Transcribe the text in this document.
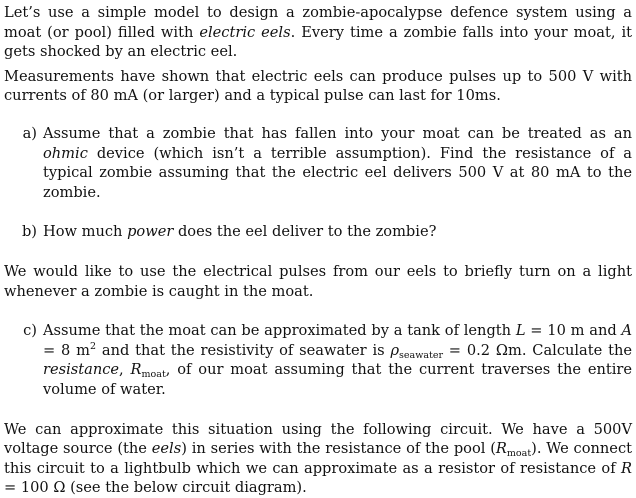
Let’s use a simple model to design a zombie-apocalypse defence system using a moat (or pool) filled with electric eels. Every time a zombie falls into your moat, it gets shocked by an electric eel.

Measurements have shown that electric eels can produce pulses up to 500 V with currents of 80 mA (or larger) and a typical pulse can last for 10ms.

a) Assume that a zombie that has fallen into your moat can be treated as an ohmic device (which isn’t a terrible assumption). Find the resistance of a typical zombie assuming that the electric eel delivers 500 V at 80 mA to the zombie.
b) How much power does the eel deliver to the zombie?

We would like to use the electrical pulses from our eels to briefly turn on a light whenever a zombie is caught in the moat.

c) Assume that the moat can be approximated by a tank of length L = 10 m and A = 8 $m^2$ and that the resistivity of seawater is $\rho_{seawater} = 0.2$ Ωm. Calculate the resistance, $R_{moat}$, of our moat assuming that the current traverses the entire volume of water.

We can approximate this situation using the following circuit. We have a 500V voltage source (the eels) in series with the resistance of the pool $(R_{moat})$. We connect this circuit to a lightbulb which we can approximate as a resistor of resistance of R = 100 Ω (see the below circuit diagram).
